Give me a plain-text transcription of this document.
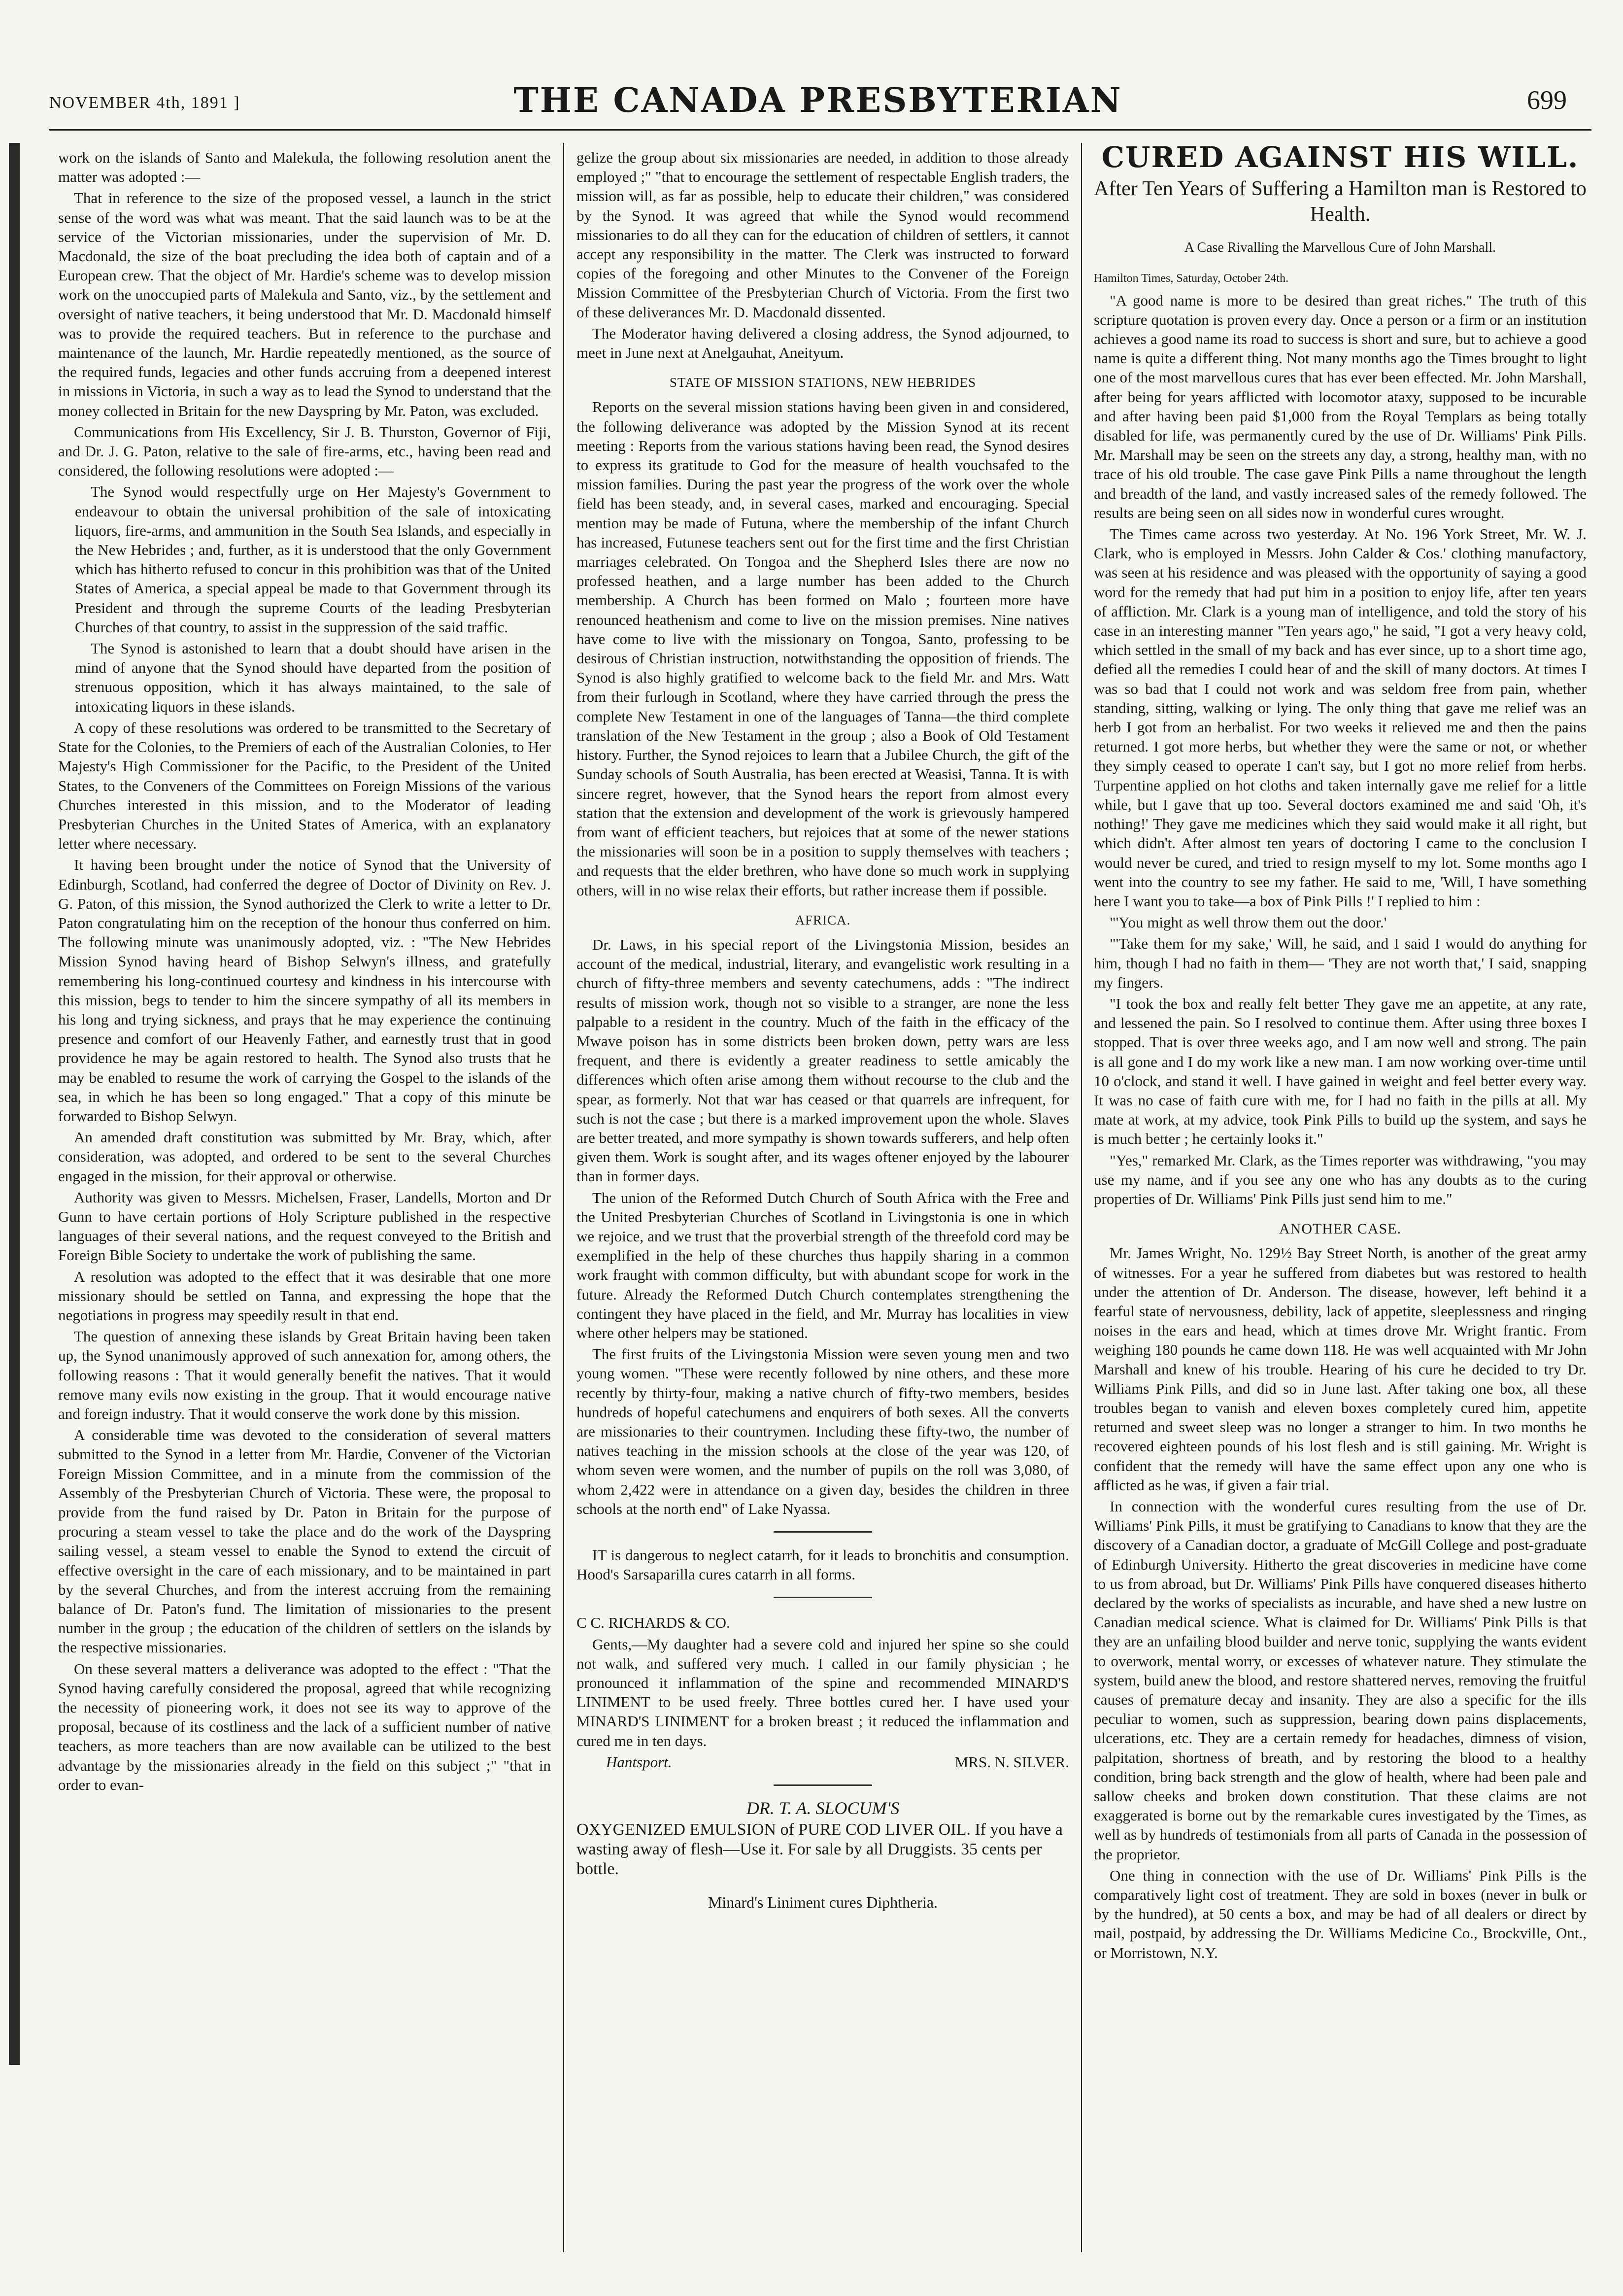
NOVEMBER 4th, 1891 ]	THE CANADA PRESBYTERIAN	699

work on the islands of Santo and Malekula, the following resolution anent the matter was adopted :—

That in reference to the size of the proposed vessel, a launch in the strict sense of the word was what was meant. That the said launch was to be at the service of the Victorian missionaries, under the supervision of Mr. D. Macdonald, the size of the boat precluding the idea both of captain and of a European crew. That the object of Mr. Hardie's scheme was to develop mission work on the unoccupied parts of Malekula and Santo, viz., by the settlement and oversight of native teachers, it being understood that Mr. D. Macdonald himself was to provide the required teachers. But in reference to the purchase and maintenance of the launch, Mr. Hardie repeatedly mentioned, as the source of the required funds, legacies and other funds accruing from a deepened interest in missions in Victoria, in such a way as to lead the Synod to understand that the money collected in Britain for the new Dayspring by Mr. Paton, was excluded.

Communications from His Excellency, Sir J. B. Thurston, Governor of Fiji, and Dr. J. G. Paton, relative to the sale of fire-arms, etc., having been read and considered, the following resolutions were adopted :—

The Synod would respectfully urge on Her Majesty's Government to endeavour to obtain the universal prohibition of the sale of intoxicating liquors, fire-arms, and ammunition in the South Sea Islands, and especially in the New Hebrides ; and, further, as it is understood that the only Government which has hitherto refused to concur in this prohibition was that of the United States of America, a special appeal be made to that Government through its President and through the supreme Courts of the leading Presbyterian Churches of that country, to assist in the suppression of the said traffic.

The Synod is astonished to learn that a doubt should have arisen in the mind of anyone that the Synod should have departed from the position of strenuous opposition, which it has always maintained, to the sale of intoxicating liquors in these islands.

A copy of these resolutions was ordered to be transmitted to the Secretary of State for the Colonies, to the Premiers of each of the Australian Colonies, to Her Majesty's High Commissioner for the Pacific, to the President of the United States, to the Conveners of the Committees on Foreign Missions of the various Churches interested in this mission, and to the Moderator of leading Presbyterian Churches in the United States of America, with an explanatory letter where necessary.

It having been brought under the notice of Synod that the University of Edinburgh, Scotland, had conferred the degree of Doctor of Divinity on Rev. J. G. Paton, of this mission, the Synod authorized the Clerk to write a letter to Dr. Paton congratulating him on the reception of the honour thus conferred on him. The following minute was unanimously adopted, viz. : "The New Hebrides Mission Synod having heard of Bishop Selwyn's illness, and gratefully remembering his long-continued courtesy and kindness in his intercourse with this mission, begs to tender to him the sincere sympathy of all its members in his long and trying sickness, and prays that he may experience the continuing presence and comfort of our Heavenly Father, and earnestly trust that in good providence he may be again restored to health. The Synod also trusts that he may be enabled to resume the work of carrying the Gospel to the islands of the sea, in which he has been so long engaged." That a copy of this minute be forwarded to Bishop Selwyn.

An amended draft constitution was submitted by Mr. Bray, which, after consideration, was adopted, and ordered to be sent to the several Churches engaged in the mission, for their approval or otherwise.

Authority was given to Messrs. Michelsen, Fraser, Landells, Morton and Dr Gunn to have certain portions of Holy Scripture published in the respective languages of their several nations, and the request conveyed to the British and Foreign Bible Society to undertake the work of publishing the same.

A resolution was adopted to the effect that it was desirable that one more missionary should be settled on Tanna, and expressing the hope that the negotiations in progress may speedily result in that end.

The question of annexing these islands by Great Britain having been taken up, the Synod unanimously approved of such annexation for, among others, the following reasons : That it would generally benefit the natives. That it would remove many evils now existing in the group. That it would encourage native and foreign industry. That it would conserve the work done by this mission.

A considerable time was devoted to the consideration of several matters submitted to the Synod in a letter from Mr. Hardie, Convener of the Victorian Foreign Mission Committee, and in a minute from the commission of the Assembly of the Presbyterian Church of Victoria. These were, the proposal to provide from the fund raised by Dr. Paton in Britain for the purpose of procuring a steam vessel to take the place and do the work of the Dayspring sailing vessel, a steam vessel to enable the Synod to extend the circuit of effective oversight in the care of each missionary, and to be maintained in part by the several Churches, and from the interest accruing from the remaining balance of Dr. Paton's fund. The limitation of missionaries to the present number in the group ; the education of the children of settlers on the islands by the respective missionaries.

On these several matters a deliverance was adopted to the effect : "That the Synod having carefully considered the proposal, agreed that while recognizing the necessity of pioneering work, it does not see its way to approve of the proposal, because of its costliness and the lack of a sufficient number of native teachers, as more teachers than are now available can be utilized to the best advantage by the missionaries already in the field on this subject ;" "that in order to evan-

gelize the group about six missionaries are needed, in addition to those already employed ;" "that to encourage the settlement of respectable English traders, the mission will, as far as possible, help to educate their children," was considered by the Synod. It was agreed that while the Synod would recommend missionaries to do all they can for the education of children of settlers, it cannot accept any responsibility in the matter. The Clerk was instructed to forward copies of the foregoing and other Minutes to the Convener of the Foreign Mission Committee of the Presbyterian Church of Victoria. From the first two of these deliverances Mr. D. Macdonald dissented.

The Moderator having delivered a closing address, the Synod adjourned, to meet in June next at Anelgauhat, Aneityum.

STATE OF MISSION STATIONS, NEW HEBRIDES

Reports on the several mission stations having been given in and considered, the following deliverance was adopted by the Mission Synod at its recent meeting : Reports from the various stations having been read, the Synod desires to express its gratitude to God for the measure of health vouchsafed to the mission families. During the past year the progress of the work over the whole field has been steady, and, in several cases, marked and encouraging. Special mention may be made of Futuna, where the membership of the infant Church has increased, Futunese teachers sent out for the first time and the first Christian marriages celebrated. On Tongoa and the Shepherd Isles there are now no professed heathen, and a large number has been added to the Church membership. A Church has been formed on Malo ; fourteen more have renounced heathenism and come to live on the mission premises. Nine natives have come to live with the missionary on Tongoa, Santo, professing to be desirous of Christian instruction, notwithstanding the opposition of friends. The Synod is also highly gratified to welcome back to the field Mr. and Mrs. Watt from their furlough in Scotland, where they have carried through the press the complete New Testament in one of the languages of Tanna—the third complete translation of the New Testament in the group ; also a Book of Old Testament history. Further, the Synod rejoices to learn that a Jubilee Church, the gift of the Sunday schools of South Australia, has been erected at Weasisi, Tanna. It is with sincere regret, however, that the Synod hears the report from almost every station that the extension and development of the work is grievously hampered from want of efficient teachers, but rejoices that at some of the newer stations the missionaries will soon be in a position to supply themselves with teachers ; and requests that the elder brethren, who have done so much work in supplying others, will in no wise relax their efforts, but rather increase them if possible.

AFRICA.

Dr. Laws, in his special report of the Livingstonia Mission, besides an account of the medical, industrial, literary, and evangelistic work resulting in a church of fifty-three members and seventy catechumens, adds : "The indirect results of mission work, though not so visible to a stranger, are none the less palpable to a resident in the country. Much of the faith in the efficacy of the Mwave poison has in some districts been broken down, petty wars are less frequent, and there is evidently a greater readiness to settle amicably the differences which often arise among them without recourse to the club and the spear, as formerly. Not that war has ceased or that quarrels are infrequent, for such is not the case ; but there is a marked improvement upon the whole. Slaves are better treated, and more sympathy is shown towards sufferers, and help often given them. Work is sought after, and its wages oftener enjoyed by the labourer than in former days.

The union of the Reformed Dutch Church of South Africa with the Free and the United Presbyterian Churches of Scotland in Livingstonia is one in which we rejoice, and we trust that the proverbial strength of the threefold cord may be exemplified in the help of these churches thus happily sharing in a common work fraught with common difficulty, but with abundant scope for work in the future. Already the Reformed Dutch Church contemplates strengthening the contingent they have placed in the field, and Mr. Murray has localities in view where other helpers may be stationed.

The first fruits of the Livingstonia Mission were seven young men and two young women. "These were recently followed by nine others, and these more recently by thirty-four, making a native church of fifty-two members, besides hundreds of hopeful catechumens and enquirers of both sexes. All the converts are missionaries to their countrymen. Including these fifty-two, the number of natives teaching in the mission schools at the close of the year was 120, of whom seven were women, and the number of pupils on the roll was 3,080, of whom 2,422 were in attendance on a given day, besides the children in three schools at the north end" of Lake Nyassa.

IT is dangerous to neglect catarrh, for it leads to bronchitis and consumption. Hood's Sarsaparilla cures catarrh in all forms.

C C. RICHARDS & CO.

Gents,—My daughter had a severe cold and injured her spine so she could not walk, and suffered very much. I called in our family physician ; he pronounced it inflammation of the spine and recommended MINARD'S LINIMENT to be used freely. Three bottles cured her. I have used your MINARD'S LINIMENT for a broken breast ; it reduced the inflammation and cured me in ten days.

Hantsport.	MRS. N. SILVER.
DR. T. A. SLOCUM'S

OXYGENIZED EMULSION of PURE COD LIVER OIL. If you have a wasting away of flesh—Use it. For sale by all Druggists. 35 cents per bottle.

Minard's Liniment cures Diphtheria.
CURED AGAINST HIS WILL.
After Ten Years of Suffering a Hamilton man is Restored to Health.
A Case Rivalling the Marvellous Cure of John Marshall.
Hamilton Times, Saturday, October 24th.

"A good name is more to be desired than great riches." The truth of this scripture quotation is proven every day. Once a person or a firm or an institution achieves a good name its road to success is short and sure, but to achieve a good name is quite a different thing. Not many months ago the Times brought to light one of the most marvellous cures that has ever been effected. Mr. John Marshall, after being for years afflicted with locomotor ataxy, supposed to be incurable and after having been paid $1,000 from the Royal Templars as being totally disabled for life, was permanently cured by the use of Dr. Williams' Pink Pills. Mr. Marshall may be seen on the streets any day, a strong, healthy man, with no trace of his old trouble. The case gave Pink Pills a name throughout the length and breadth of the land, and vastly increased sales of the remedy followed. The results are being seen on all sides now in wonderful cures wrought.

The Times came across two yesterday. At No. 196 York Street, Mr. W. J. Clark, who is employed in Messrs. John Calder & Cos.' clothing manufactory, was seen at his residence and was pleased with the opportunity of saying a good word for the remedy that had put him in a position to enjoy life, after ten years of affliction. Mr. Clark is a young man of intelligence, and told the story of his case in an interesting manner "Ten years ago," he said, "I got a very heavy cold, which settled in the small of my back and has ever since, up to a short time ago, defied all the remedies I could hear of and the skill of many doctors. At times I was so bad that I could not work and was seldom free from pain, whether standing, sitting, walking or lying. The only thing that gave me relief was an herb I got from an herbalist. For two weeks it relieved me and then the pains returned. I got more herbs, but whether they were the same or not, or whether they simply ceased to operate I can't say, but I got no more relief from herbs. Turpentine applied on hot cloths and taken internally gave me relief for a little while, but I gave that up too. Several doctors examined me and said 'Oh, it's nothing!' They gave me medicines which they said would make it all right, but which didn't. After almost ten years of doctoring I came to the conclusion I would never be cured, and tried to resign myself to my lot. Some months ago I went into the country to see my father. He said to me, 'Will, I have something here I want you to take—a box of Pink Pills !' I replied to him :

"'You might as well throw them out the door.'

"'Take them for my sake,' Will, he said, and I said I would do anything for him, though I had no faith in them— 'They are not worth that,' I said, snapping my fingers.

"I took the box and really felt better They gave me an appetite, at any rate, and lessened the pain. So I resolved to continue them. After using three boxes I stopped. That is over three weeks ago, and I am now well and strong. The pain is all gone and I do my work like a new man. I am now working over-time until 10 o'clock, and stand it well. I have gained in weight and feel better every way. It was no case of faith cure with me, for I had no faith in the pills at all. My mate at work, at my advice, took Pink Pills to build up the system, and says he is much better ; he certainly looks it."

"Yes," remarked Mr. Clark, as the Times reporter was withdrawing, "you may use my name, and if you see any one who has any doubts as to the curing properties of Dr. Williams' Pink Pills just send him to me."

ANOTHER CASE.

Mr. James Wright, No. 129½ Bay Street North, is another of the great army of witnesses. For a year he suffered from diabetes but was restored to health under the attention of Dr. Anderson. The disease, however, left behind it a fearful state of nervousness, debility, lack of appetite, sleeplessness and ringing noises in the ears and head, which at times drove Mr. Wright frantic. From weighing 180 pounds he came down 118. He was well acquainted with Mr John Marshall and knew of his trouble. Hearing of his cure he decided to try Dr. Williams Pink Pills, and did so in June last. After taking one box, all these troubles began to vanish and eleven boxes completely cured him, appetite returned and sweet sleep was no longer a stranger to him. In two months he recovered eighteen pounds of his lost flesh and is still gaining. Mr. Wright is confident that the remedy will have the same effect upon any one who is afflicted as he was, if given a fair trial.

In connection with the wonderful cures resulting from the use of Dr. Williams' Pink Pills, it must be gratifying to Canadians to know that they are the discovery of a Canadian doctor, a graduate of McGill College and post-graduate of Edinburgh University. Hitherto the great discoveries in medicine have come to us from abroad, but Dr. Williams' Pink Pills have conquered diseases hitherto declared by the works of specialists as incurable, and have shed a new lustre on Canadian medical science. What is claimed for Dr. Williams' Pink Pills is that they are an unfailing blood builder and nerve tonic, supplying the wants evident to overwork, mental worry, or excesses of whatever nature. They stimulate the system, build anew the blood, and restore shattered nerves, removing the fruitful causes of premature decay and insanity. They are also a specific for the ills peculiar to women, such as suppression, bearing down pains displacements, ulcerations, etc. They are a certain remedy for headaches, dimness of vision, palpitation, shortness of breath, and by restoring the blood to a healthy condition, bring back strength and the glow of health, where had been pale and sallow cheeks and broken down constitution. That these claims are not exaggerated is borne out by the remarkable cures investigated by the Times, as well as by hundreds of testimonials from all parts of Canada in the possession of the proprietor.

One thing in connection with the use of Dr. Williams' Pink Pills is the comparatively light cost of treatment. They are sold in boxes (never in bulk or by the hundred), at 50 cents a box, and may be had of all dealers or direct by mail, postpaid, by addressing the Dr. Williams Medicine Co., Brockville, Ont., or Morristown, N.Y.
